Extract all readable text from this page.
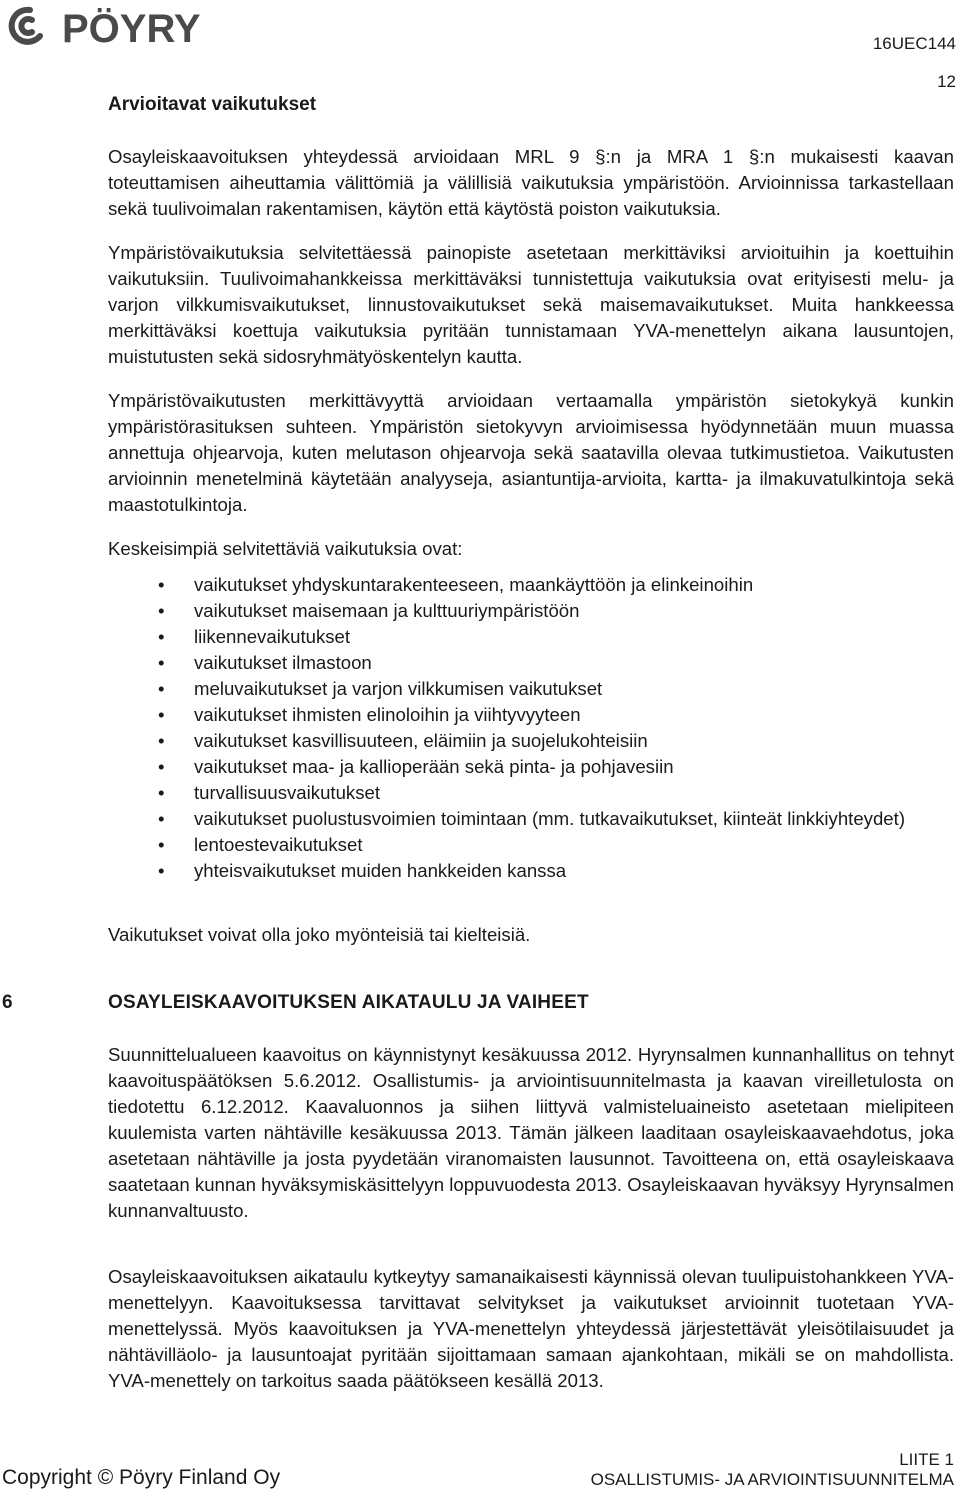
PÖYRY	16UEC144
12
Arvioitavat vaikutukset

Osayleiskaavoituksen yhteydessä arvioidaan MRL 9 §:n ja MRA 1 §:n mukaisesti kaavan toteuttamisen aiheuttamia välittömiä ja välillisiä vaikutuksia ympäristöön. Arvioinnissa tarkastellaan sekä tuulivoimalan rakentamisen, käytön että käytöstä poiston vaikutuksia.

Ympäristövaikutuksia selvitettäessä painopiste asetetaan merkittäviksi arvioituihin ja koettuihin vaikutuksiin. Tuulivoimahankkeissa merkittäväksi tunnistettuja vaikutuksia ovat erityisesti melu- ja varjon vilkkumisvaikutukset, linnustovaikutukset sekä maisemavaikutukset. Muita hankkeessa merkittäväksi koettuja vaikutuksia pyritään tunnistamaan YVA-menettelyn aikana lausuntojen, muistutusten sekä sidosryhmätyöskentelyn kautta.

Ympäristövaikutusten merkittävyyttä arvioidaan vertaamalla ympäristön sietokykyä kunkin ympäristörasituksen suhteen. Ympäristön sietokyvyn arvioimisessa hyödynnetään muun muassa annettuja ohjearvoja, kuten melutason ohjearvoja sekä saatavilla olevaa tutkimustietoa. Vaikutusten arvioinnin menetelminä käytetään analyyseja, asiantuntija-arvioita, kartta- ja ilmakuvatulkintoja sekä maastotulkintoja.

Keskeisimpiä selvitettäviä vaikutuksia ovat:

• vaikutukset yhdyskuntarakenteeseen, maankäyttöön ja elinkeinoihin
• vaikutukset maisemaan ja kulttuuriympäristöön
• liikennevaikutukset
• vaikutukset ilmastoon
• meluvaikutukset ja varjon vilkkumisen vaikutukset
• vaikutukset ihmisten elinoloihin ja viihtyvyyteen
• vaikutukset kasvillisuuteen, eläimiin ja suojelukohteisiin
• vaikutukset maa- ja kallioperään sekä pinta- ja pohjavesiin
• turvallisuusvaikutukset
• vaikutukset puolustusvoimien toimintaan (mm. tutkavaikutukset, kiinteät linkkiyhteydet)
• lentoestevaikutukset
• yhteisvaikutukset muiden hankkeiden kanssa

Vaikutukset voivat olla joko myönteisiä tai kielteisiä.

6	OSAYLEISKAAVOITUKSEN AIKATAULU JA VAIHEET

Suunnittelualueen kaavoitus on käynnistynyt kesäkuussa 2012. Hyrynsalmen kunnanhallitus on tehnyt kaavoituspäätöksen 5.6.2012. Osallistumis- ja arviointisuunnitelmasta ja kaavan vireilletulosta on tiedotettu 6.12.2012. Kaavaluonnos ja siihen liittyvä valmisteluaineisto asetetaan mielipiteen kuulemista varten nähtäville kesäkuussa 2013. Tämän jälkeen laaditaan osayleiskaavaehdotus, joka asetetaan nähtäville ja josta pyydetään viranomaisten lausunnot. Tavoitteena on, että osayleiskaava saatetaan kunnan hyväksymiskäsittelyyn loppuvuodesta 2013. Osayleiskaavan hyväksyy Hyrynsalmen kunnanvaltuusto.

Osayleiskaavoituksen aikataulu kytkeytyy samanaikaisesti käynnissä olevan tuulipuistohankkeen YVA-menettelyyn. Kaavoituksessa tarvittavat selvitykset ja vaikutukset arvioinnit tuotetaan YVA-menettelyssä. Myös kaavoituksen ja YVA-menettelyn yhteydessä järjestettävät yleisötilaisuudet ja nähtävilläolo- ja lausuntoajat pyritään sijoittamaan samaan ajankohtaan, mikäli se on mahdollista. YVA-menettely on tarkoitus saada päätökseen kesällä 2013.

Copyright © Pöyry Finland Oy
LIITE 1
OSALLISTUMIS- JA ARVIOINTISUUNNITELMA
